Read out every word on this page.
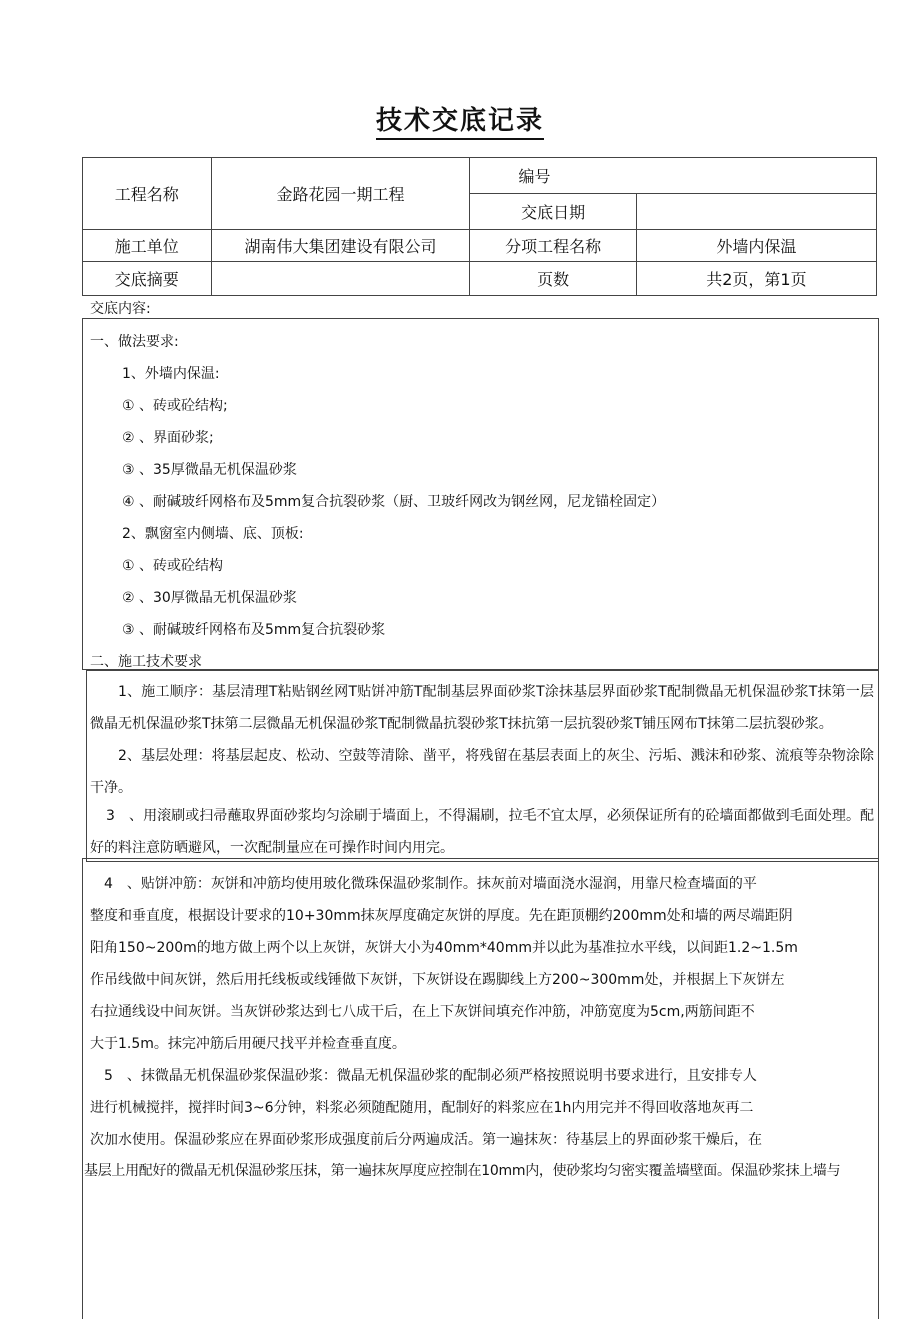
技术交底记录
工程名称	金路花园一期工程	编号	
		交底日期	
施工单位	湖南伟大集团建设有限公司	分项工程名称	外墙内保温
交底摘要		页数	共2页，第1页
交底内容:
一、做法要求:
1、外墙内保温:
① 、砖或砼结构;
② 、界面砂浆;
③ 、35厚微晶无机保温砂浆
④ 、耐碱玻纤网格布及5mm复合抗裂砂浆（厨、卫玻纤网改为钢丝网，尼龙锚栓固定）
2、飘窗室内侧墙、底、顶板:
① 、砖或砼结构
② 、30厚微晶无机保温砂浆
③ 、耐碱玻纤网格布及5mm复合抗裂砂浆
二、施工技术要求
1、施工顺序：基层清理T粘贴钢丝网T贴饼冲筋T配制基层界面砂浆T涂抹基层界面砂浆T配制微晶无机保温砂浆T抹第一层微晶无机保温砂浆T抹第二层微晶无机保温砂浆T配制微晶抗裂砂浆T抹抗第一层抗裂砂浆T铺压网布T抹第二层抗裂砂浆。
2、基层处理：将基层起皮、松动、空鼓等清除、凿平，将残留在基层表面上的灰尘、污垢、溅沫和砂浆、流痕等杂物涂除干净。
3　、用滚刷或扫帚蘸取界面砂浆均匀涂刷于墙面上，不得漏刷，拉毛不宜太厚，必须保证所有的砼墙面都做到毛面处理。配好的料注意防晒避风，一次配制量应在可操作时间内用完。
4　、贴饼冲筋：灰饼和冲筋均使用玻化微珠保温砂浆制作。抹灰前对墙面浇水湿润，用靠尺检查墙面的平
整度和垂直度，根据设计要求的10+30mm抹灰厚度确定灰饼的厚度。先在距顶棚约200mm处和墙的两尽端距阴
阳角150~200m的地方做上两个以上灰饼，灰饼大小为40mm*40mm并以此为基准拉水平线，以间距1.2~1.5m
作吊线做中间灰饼，然后用托线板或线锤做下灰饼，下灰饼设在踢脚线上方200~300mm处，并根据上下灰饼左
右拉通线设中间灰饼。当灰饼砂浆达到七八成干后，在上下灰饼间填充作冲筋，冲筋宽度为5cm,两筋间距不
大于1.5m。抹完冲筋后用硬尺找平并检查垂直度。
5　、抹微晶无机保温砂浆保温砂浆：微晶无机保温砂浆的配制必须严格按照说明书要求进行，且安排专人
进行机械搅拌，搅拌时间3~6分钟，料浆必须随配随用，配制好的料浆应在1h内用完并不得回收落地灰再二
次加水使用。保温砂浆应在界面砂浆形成强度前后分两遍成活。第一遍抹灰：待基层上的界面砂浆干燥后，在
基层上用配好的微晶无机保温砂浆压抹，第一遍抹灰厚度应控制在10mm内，使砂浆均匀密实覆盖墙壁面。保温砂浆抹上墙与
